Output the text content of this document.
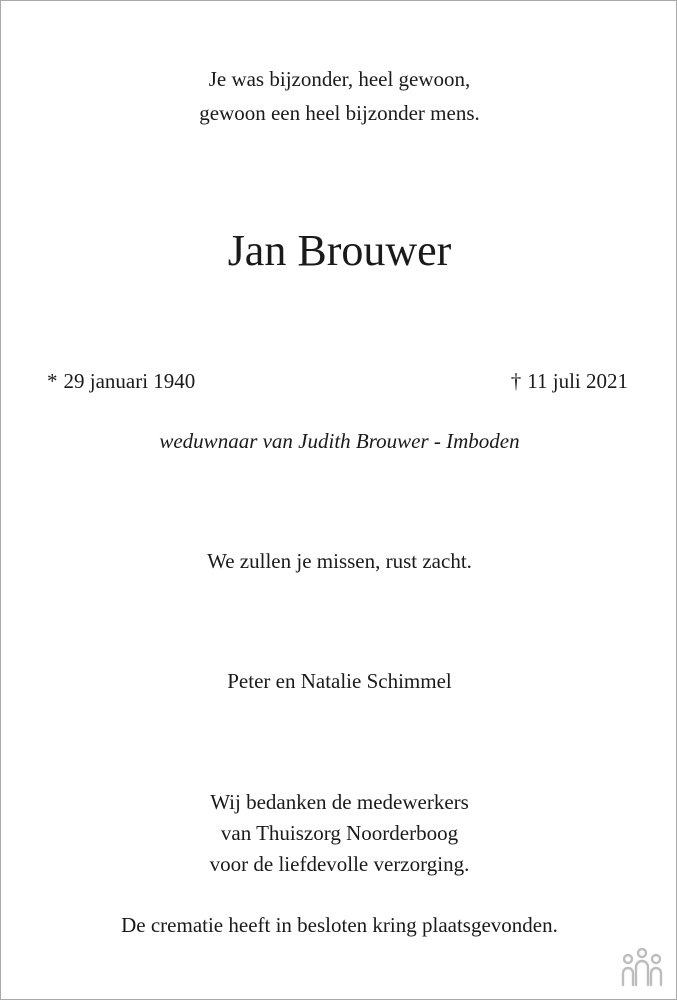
Je was bijzonder, heel gewoon,
gewoon een heel bijzonder mens.
Jan Brouwer
* 29 januari 1940	† 11 juli 2021
weduwnaar van Judith Brouwer - Imboden
We zullen je missen, rust zacht.
Peter en Natalie Schimmel
Wij bedanken de medewerkers
van Thuiszorg Noorderboog
voor de liefdevolle verzorging.
De crematie heeft in besloten kring plaatsgevonden.
